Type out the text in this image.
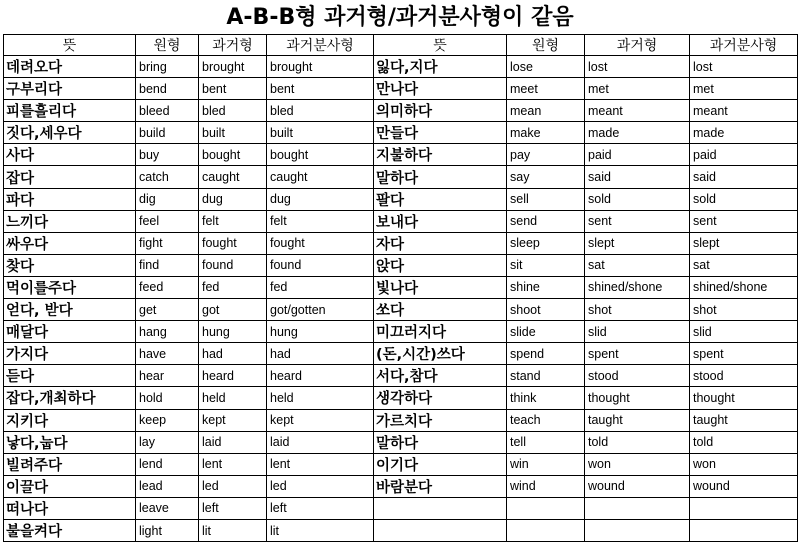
A-B-B형 과거형/과거분사형이 같음
뜻	원형	과거형	과거분사형	뜻	원형	과거형	과거분사형
데려오다	bring	brought	brought	잃다,지다	lose	lost	lost
구부리다	bend	bent	bent	만나다	meet	met	met
피를흘리다	bleed	bled	bled	의미하다	mean	meant	meant
짓다,세우다	build	built	built	만들다	make	made	made
사다	buy	bought	bought	지불하다	pay	paid	paid
잡다	catch	caught	caught	말하다	say	said	said
파다	dig	dug	dug	팔다	sell	sold	sold
느끼다	feel	felt	felt	보내다	send	sent	sent
싸우다	fight	fought	fought	자다	sleep	slept	slept
찾다	find	found	found	앉다	sit	sat	sat
먹이를주다	feed	fed	fed	빛나다	shine	shined/shone	shined/shone
얻다, 받다	get	got	got/gotten	쏘다	shoot	shot	shot
매달다	hang	hung	hung	미끄러지다	slide	slid	slid
가지다	have	had	had	(돈,시간)쓰다	spend	spent	spent
듣다	hear	heard	heard	서다,참다	stand	stood	stood
잡다,개최하다	hold	held	held	생각하다	think	thought	thought
지키다	keep	kept	kept	가르치다	teach	taught	taught
낳다,눕다	lay	laid	laid	말하다	tell	told	told
빌려주다	lend	lent	lent	이기다	win	won	won
이끌다	lead	led	led	바람분다	wind	wound	wound
떠나다	leave	left	left				
불을켜다	light	lit	lit				
